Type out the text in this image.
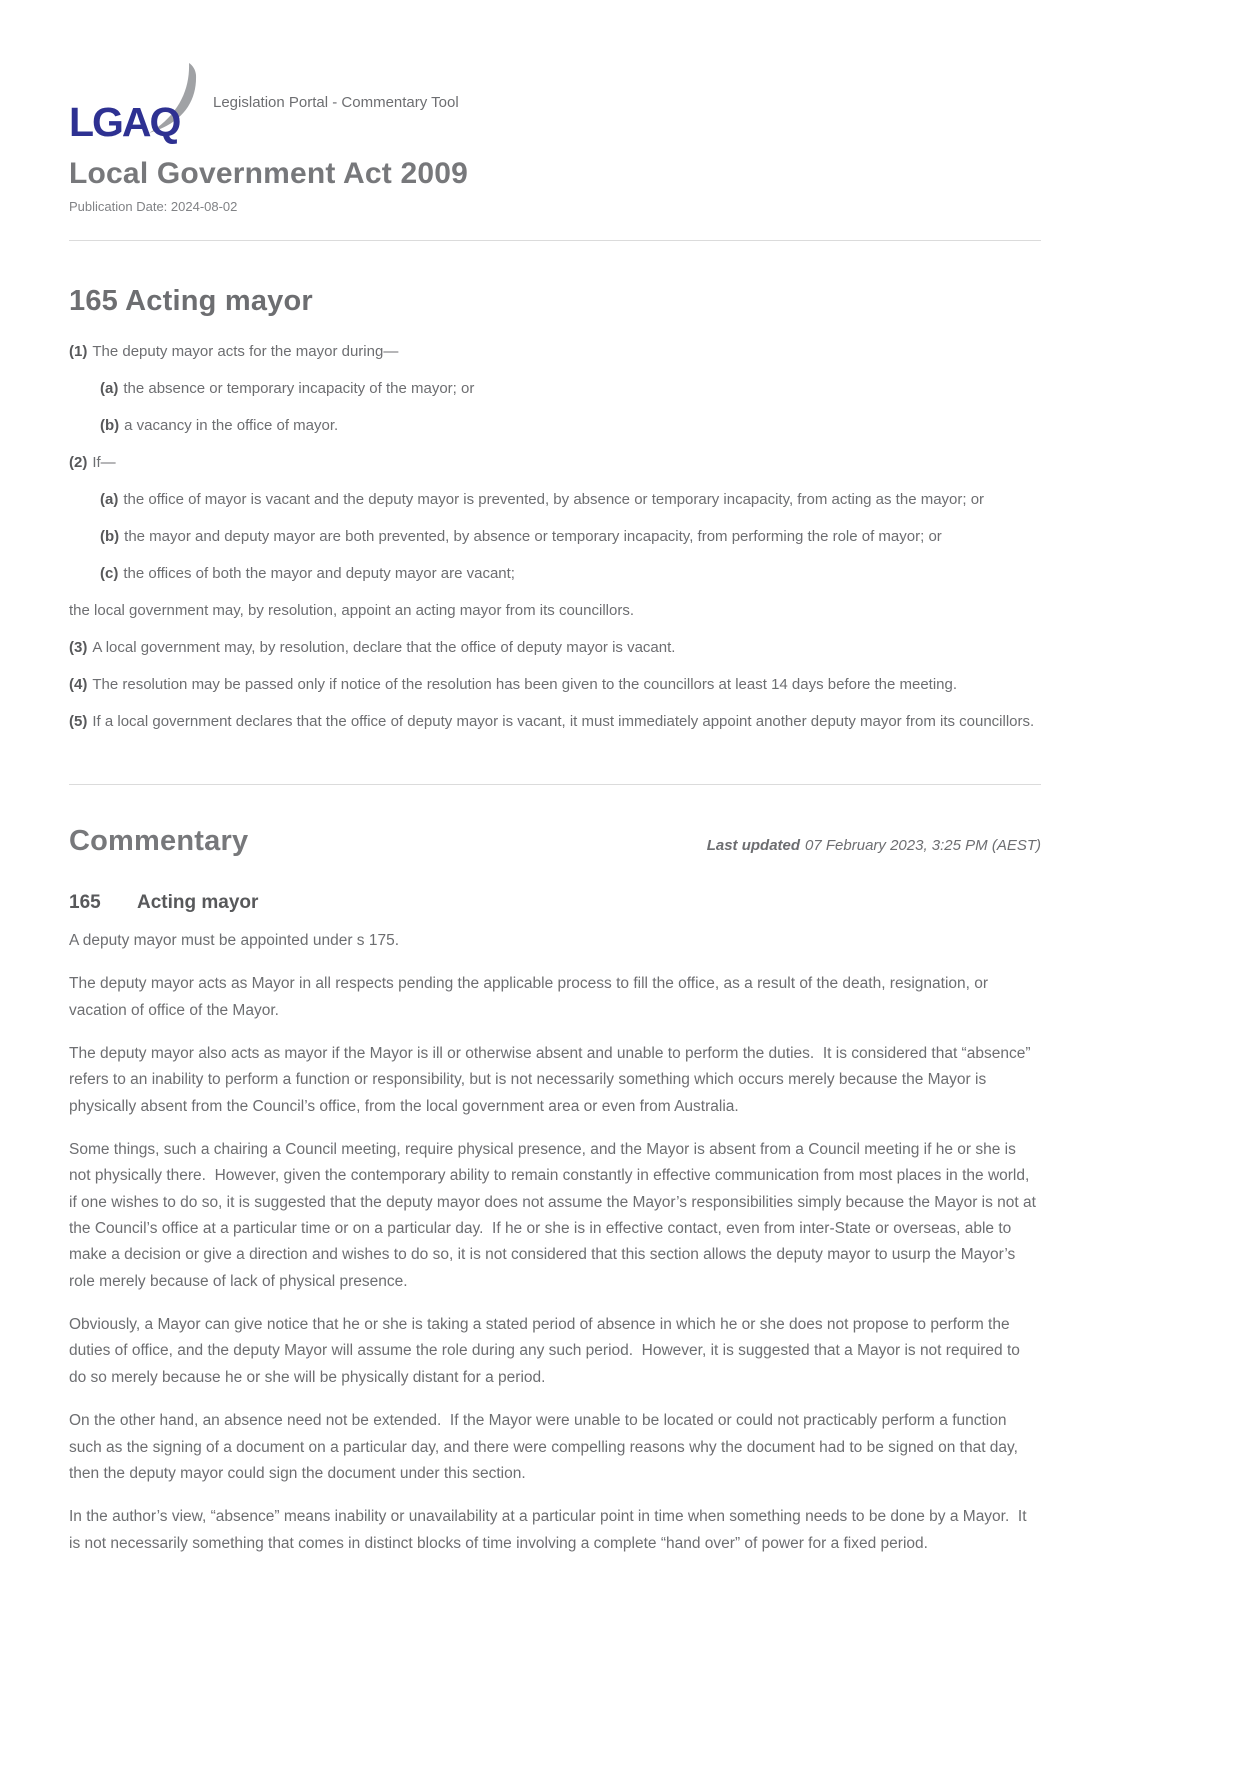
LGAQ Legislation Portal - Commentary Tool
Local Government Act 2009
Publication Date: 2024-08-02
165 Acting mayor

(1) The deputy mayor acts for the mayor during—

(a) the absence or temporary incapacity of the mayor; or

(b) a vacancy in the office of mayor.

(2) If—

(a) the office of mayor is vacant and the deputy mayor is prevented, by absence or temporary incapacity, from acting as the mayor; or

(b) the mayor and deputy mayor are both prevented, by absence or temporary incapacity, from performing the role of mayor; or

(c) the offices of both the mayor and deputy mayor are vacant;

the local government may, by resolution, appoint an acting mayor from its councillors.

(3) A local government may, by resolution, declare that the office of deputy mayor is vacant.

(4) The resolution may be passed only if notice of the resolution has been given to the councillors at least 14 days before the meeting.

(5) If a local government declares that the office of deputy mayor is vacant, it must immediately appoint another deputy mayor from its councillors.

Commentary	Last updated 07 February 2023, 3:25 PM (AEST)
165 Acting mayor

A deputy mayor must be appointed under s 175.

The deputy mayor acts as Mayor in all respects pending the applicable process to fill the office, as a result of the death, resignation, or vacation of office of the Mayor.

The deputy mayor also acts as mayor if the Mayor is ill or otherwise absent and unable to perform the duties.  It is considered that “absence” refers to an inability to perform a function or responsibility, but is not necessarily something which occurs merely because the Mayor is physically absent from the Council’s office, from the local government area or even from Australia.

Some things, such a chairing a Council meeting, require physical presence, and the Mayor is absent from a Council meeting if he or she is not physically there.  However, given the contemporary ability to remain constantly in effective communication from most places in the world, if one wishes to do so, it is suggested that the deputy mayor does not assume the Mayor’s responsibilities simply because the Mayor is not at the Council’s office at a particular time or on a particular day.  If he or she is in effective contact, even from inter-State or overseas, able to make a decision or give a direction and wishes to do so, it is not considered that this section allows the deputy mayor to usurp the Mayor’s role merely because of lack of physical presence.

Obviously, a Mayor can give notice that he or she is taking a stated period of absence in which he or she does not propose to perform the duties of office, and the deputy Mayor will assume the role during any such period.  However, it is suggested that a Mayor is not required to do so merely because he or she will be physically distant for a period.

On the other hand, an absence need not be extended.  If the Mayor were unable to be located or could not practicably perform a function such as the signing of a document on a particular day, and there were compelling reasons why the document had to be signed on that day, then the deputy mayor could sign the document under this section.

In the author’s view, “absence” means inability or unavailability at a particular point in time when something needs to be done by a Mayor.  It is not necessarily something that comes in distinct blocks of time involving a complete “hand over” of power for a fixed period.
